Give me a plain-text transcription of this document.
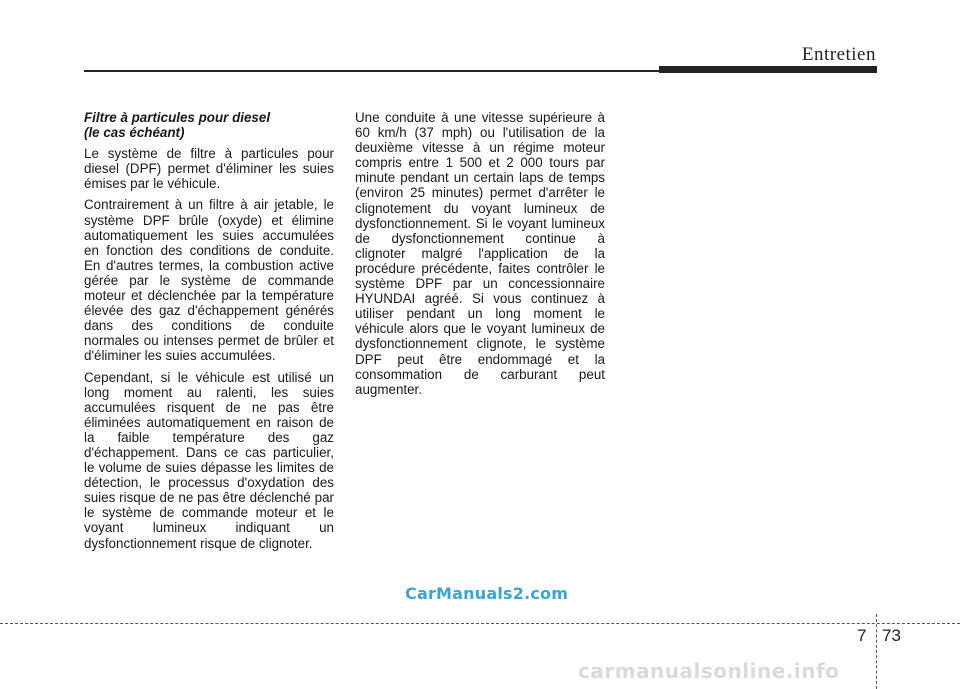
Entretien
Filtre à particules pour diesel
(le cas échéant)

Le système de filtre à particules pour diesel (DPF) permet d'éliminer les suies émises par le véhicule.

Contrairement à un filtre à air jetable, le système DPF brûle (oxyde) et élimine automatiquement les suies accumulées en fonction des conditions de conduite. En d'autres termes, la combustion active gérée par le système de commande moteur et déclenchée par la température élevée des gaz d'échappement générés dans des conditions de conduite normales ou intenses permet de brûler et d'éliminer les suies accumulées.

Cependant, si le véhicule est utilisé un long moment au ralenti, les suies accumulées risquent de ne pas être éliminées automatiquement en raison de la faible température des gaz d'échappement. Dans ce cas particulier, le volume de suies dépasse les limites de détection, le processus d'oxydation des suies risque de ne pas être déclenché par le système de commande moteur et le voyant lumineux indiquant un dysfonctionnement risque de clignoter.

Une conduite à une vitesse supérieure à 60 km/h (37 mph) ou l'utilisation de la deuxième vitesse à un régime moteur compris entre 1 500 et 2 000 tours par minute pendant un certain laps de temps (environ 25 minutes) permet d'arrêter le clignotement du voyant lumineux de dysfonctionnement. Si le voyant lumineux de dysfonctionnement continue à clignoter malgré l'application de la procédure précédente, faites contrôler le système DPF par un concessionnaire HYUNDAI agréé. Si vous continuez à utiliser pendant un long moment le véhicule alors que le voyant lumineux de dysfonctionnement clignote, le système DPF peut être endommagé et la consommation de carburant peut augmenter.

CarManuals2.com
7 73
carmanualsonline.info
